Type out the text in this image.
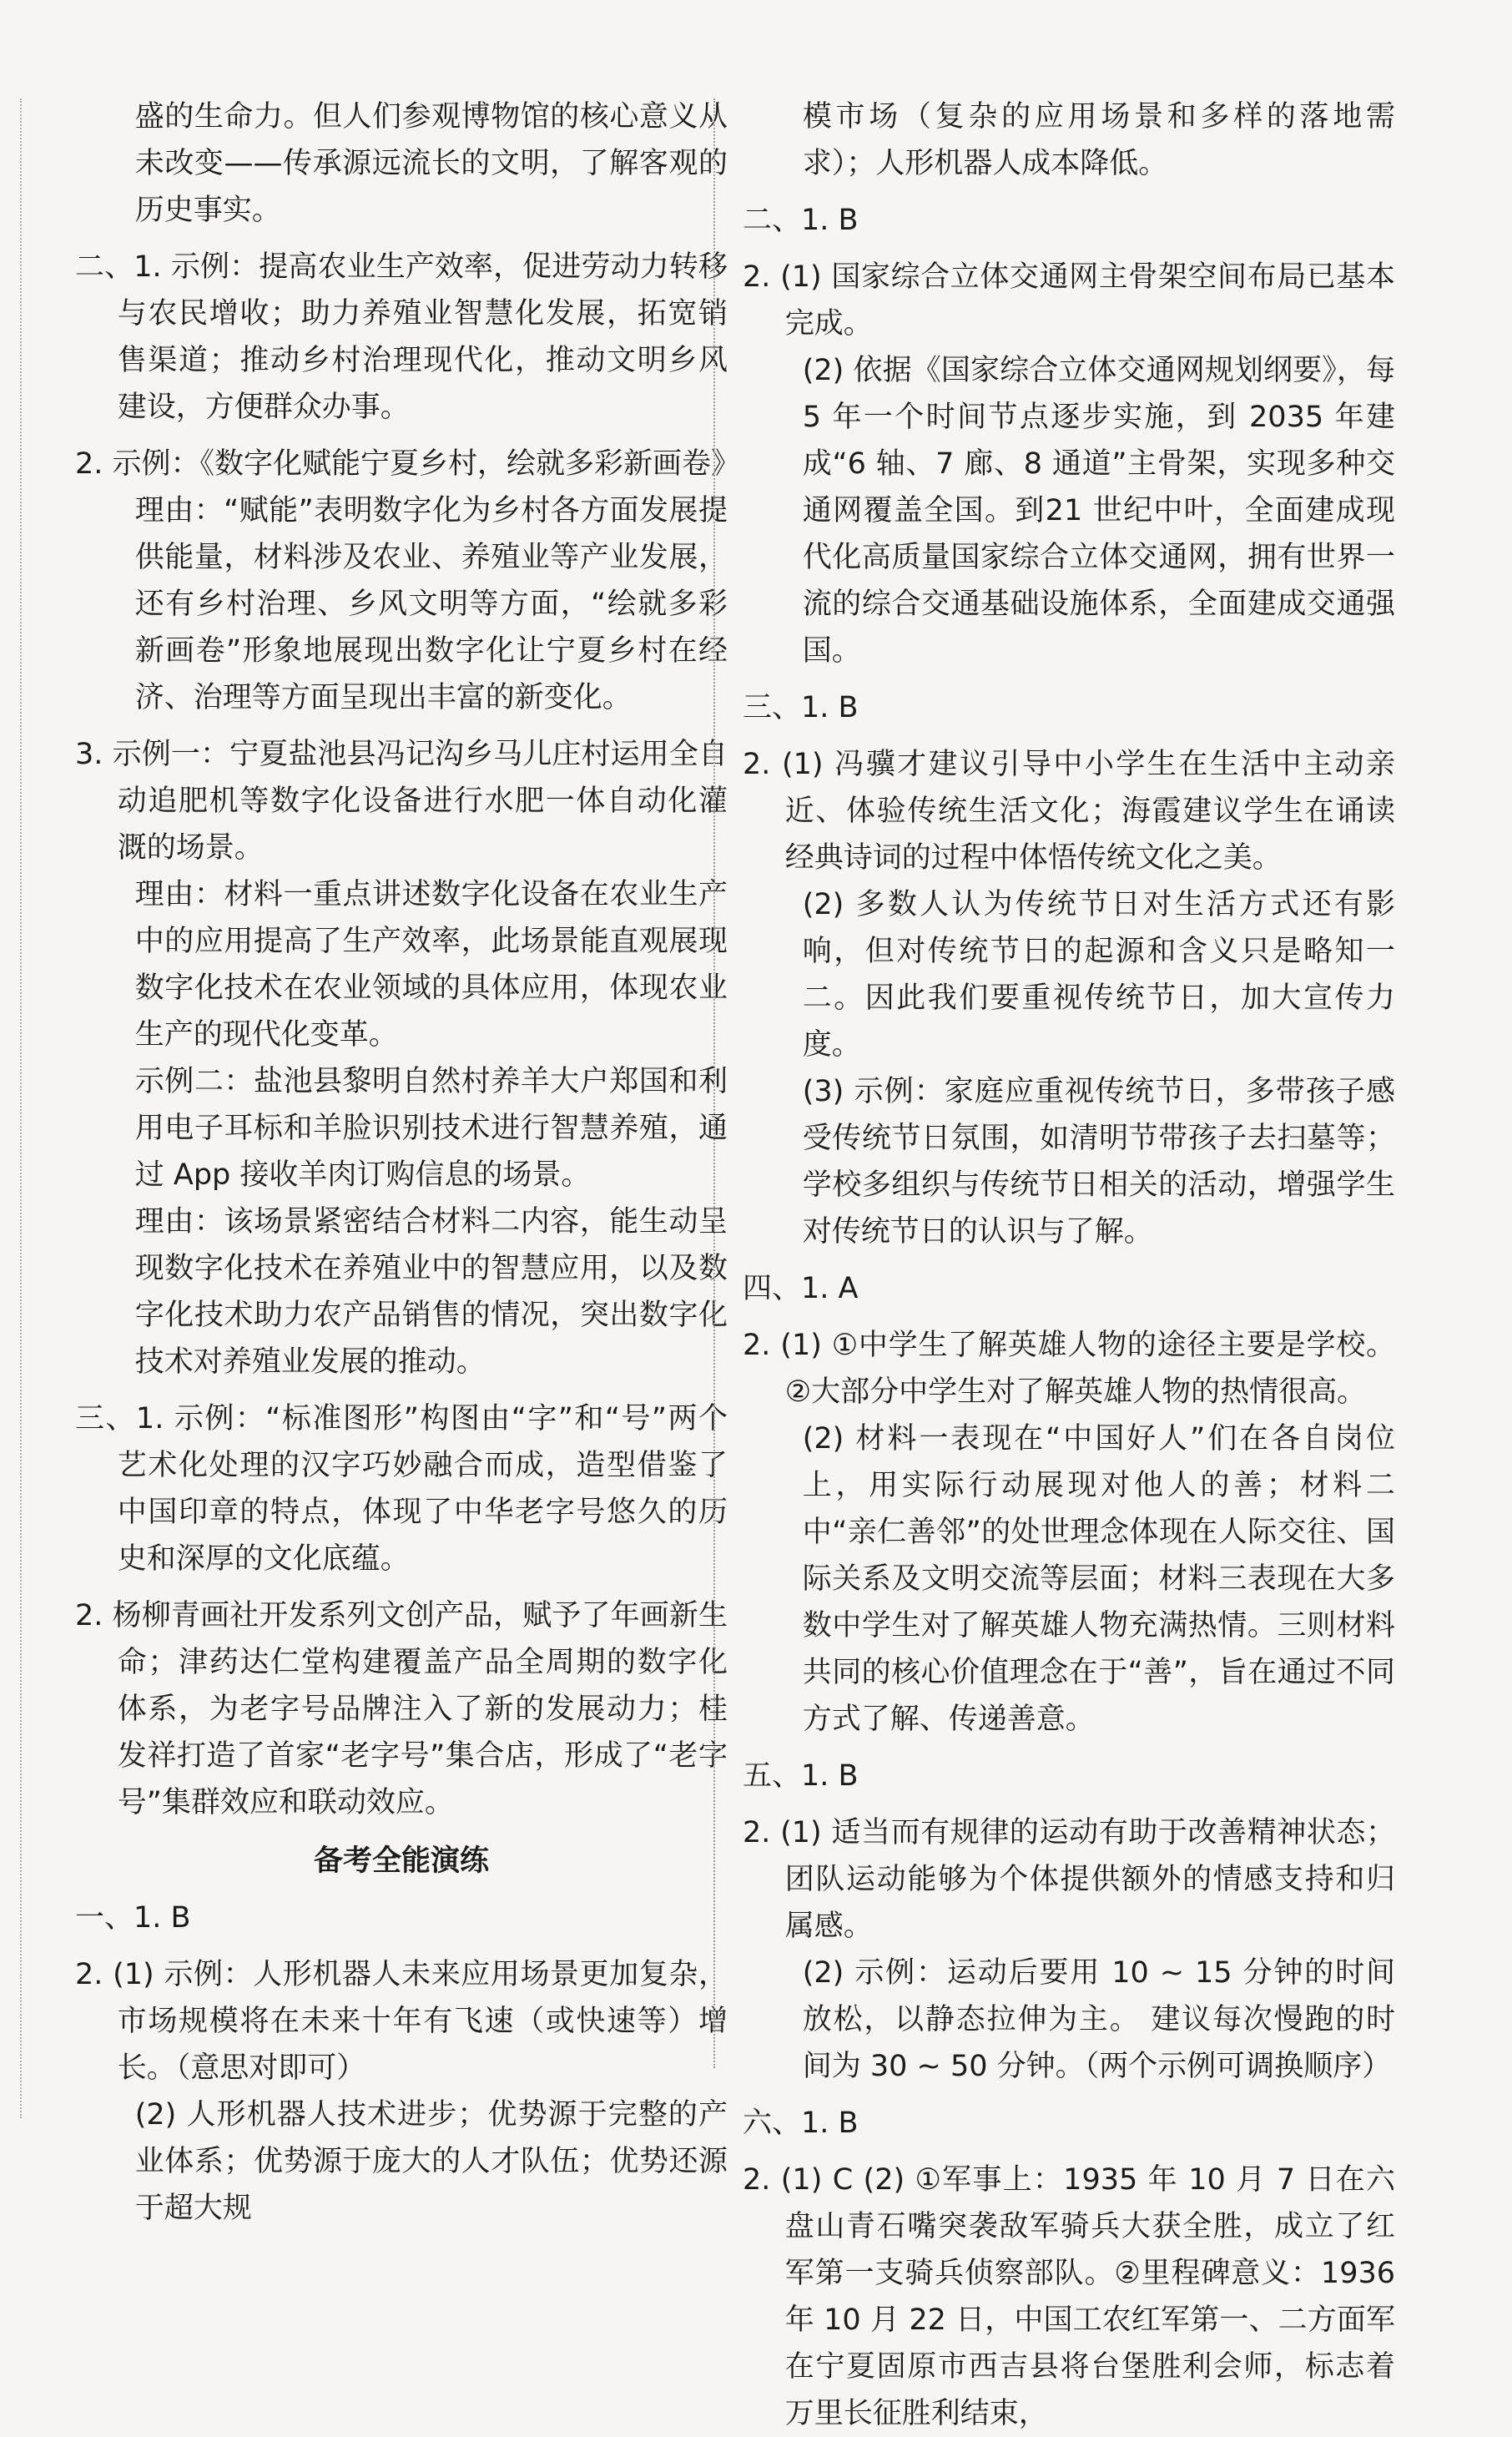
盛的生命力。但人们参观博物馆的核心意义从未改变——传承源远流长的文明，了解客观的历史事实。

二、1. 示例：提高农业生产效率，促进劳动力转移与农民增收；助力养殖业智慧化发展，拓宽销售渠道；推动乡村治理现代化，推动文明乡风建设，方便群众办事。

2. 示例：《数字化赋能宁夏乡村，绘就多彩新画卷》

理由：“赋能”表明数字化为乡村各方面发展提供能量，材料涉及农业、养殖业等产业发展，还有乡村治理、乡风文明等方面，“绘就多彩新画卷”形象地展现出数字化让宁夏乡村在经济、治理等方面呈现出丰富的新变化。

3. 示例一：宁夏盐池县冯记沟乡马儿庄村运用全自动追肥机等数字化设备进行水肥一体自动化灌溉的场景。

理由：材料一重点讲述数字化设备在农业生产中的应用提高了生产效率，此场景能直观展现数字化技术在农业领域的具体应用，体现农业生产的现代化变革。

示例二：盐池县黎明自然村养羊大户郑国和利用电子耳标和羊脸识别技术进行智慧养殖，通过 App 接收羊肉订购信息的场景。

理由：该场景紧密结合材料二内容，能生动呈现数字化技术在养殖业中的智慧应用，以及数字化技术助力农产品销售的情况，突出数字化技术对养殖业发展的推动。

三、1. 示例：“标准图形”构图由“字”和“号”两个艺术化处理的汉字巧妙融合而成，造型借鉴了中国印章的特点，体现了中华老字号悠久的历史和深厚的文化底蕴。

2. 杨柳青画社开发系列文创产品，赋予了年画新生命；津药达仁堂构建覆盖产品全周期的数字化体系，为老字号品牌注入了新的发展动力；桂发祥打造了首家“老字号”集合店，形成了“老字号”集群效应和联动效应。

备考全能演练

一、1. B

2. (1) 示例：人形机器人未来应用场景更加复杂，市场规模将在未来十年有飞速（或快速等）增长。（意思对即可）

(2) 人形机器人技术进步；优势源于完整的产业体系；优势源于庞大的人才队伍；优势还源于超大规

模市场（复杂的应用场景和多样的落地需求）；人形机器人成本降低。

二、1. B

2. (1) 国家综合立体交通网主骨架空间布局已基本完成。

(2) 依据《国家综合立体交通网规划纲要》，每 5 年一个时间节点逐步实施，到 2035 年建成“6 轴、7 廊、8 通道”主骨架，实现多种交通网覆盖全国。到21 世纪中叶，全面建成现代化高质量国家综合立体交通网，拥有世界一流的综合交通基础设施体系，全面建成交通强国。

三、1. B

2. (1) 冯骥才建议引导中小学生在生活中主动亲近、体验传统生活文化；海霞建议学生在诵读经典诗词的过程中体悟传统文化之美。

(2) 多数人认为传统节日对生活方式还有影响，但对传统节日的起源和含义只是略知一二。因此我们要重视传统节日，加大宣传力度。

(3) 示例：家庭应重视传统节日，多带孩子感受传统节日氛围，如清明节带孩子去扫墓等；学校多组织与传统节日相关的活动，增强学生对传统节日的认识与了解。

四、1. A

2. (1) ①中学生了解英雄人物的途径主要是学校。②大部分中学生对了解英雄人物的热情很高。

(2) 材料一表现在“中国好人”们在各自岗位上，用实际行动展现对他人的善；材料二中“亲仁善邻”的处世理念体现在人际交往、国际关系及文明交流等层面；材料三表现在大多数中学生对了解英雄人物充满热情。三则材料共同的核心价值理念在于“善”，旨在通过不同方式了解、传递善意。

五、1. B

2. (1) 适当而有规律的运动有助于改善精神状态；团队运动能够为个体提供额外的情感支持和归属感。

(2) 示例：运动后要用 10 ~ 15 分钟的时间放松，以静态拉伸为主。 建议每次慢跑的时间为 30 ~ 50 分钟。（两个示例可调换顺序）

六、1. B

2. (1) C (2) ①军事上：1935 年 10 月 7 日在六盘山青石嘴突袭敌军骑兵大获全胜，成立了红军第一支骑兵侦察部队。②里程碑意义：1936 年 10 月 22 日，中国工农红军第一、二方面军在宁夏固原市西吉县将台堡胜利会师，标志着万里长征胜利结束，
